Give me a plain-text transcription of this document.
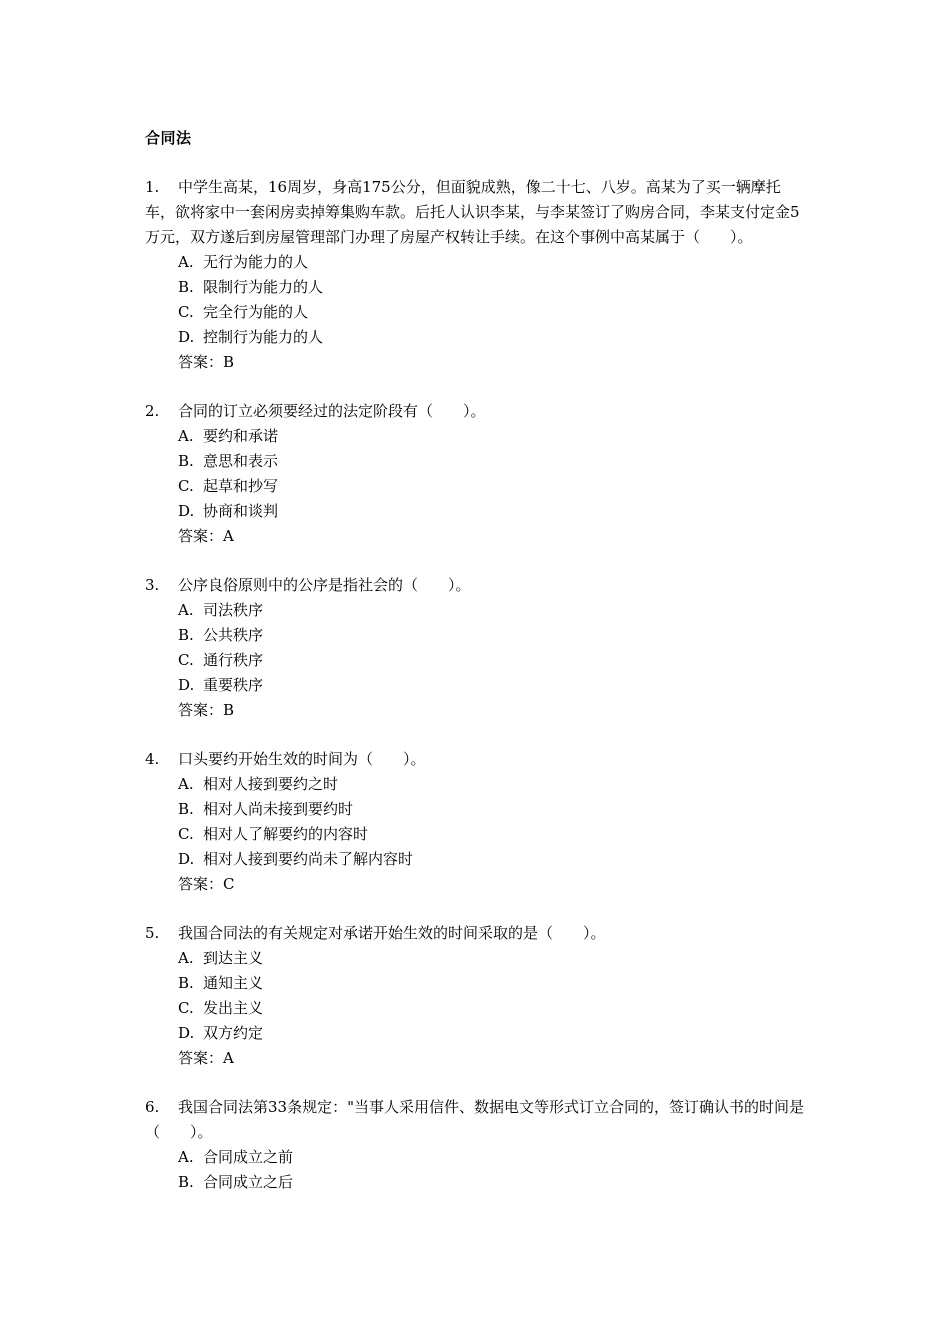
合同法
1. 中学生高某，16周岁，身高175公分，但面貌成熟，像二十七、八岁。高某为了买一辆摩托车，欲将家中一套闲房卖掉筹集购车款。后托人认识李某，与李某签订了购房合同，李某支付定金5万元，双方遂后到房屋管理部门办理了房屋产权转让手续。在这个事例中高某属于（　　）。
A. 无行为能力的人
B. 限制行为能力的人
C. 完全行为能的人
D. 控制行为能力的人
答案：B
2.	合同的订立必须要经过的法定阶段有（　　）。
A. 要约和承诺
B. 意思和表示
C. 起草和抄写
D. 协商和谈判
答案：A
3.	公序良俗原则中的公序是指社会的（　　）。
A. 司法秩序
B. 公共秩序
C. 通行秩序
D. 重要秩序
答案：B
4.	口头要约开始生效的时间为（　　）。
A. 相对人接到要约之时
B. 相对人尚未接到要约时
C. 相对人了解要约的内容时
D. 相对人接到要约尚未了解内容时
答案：C
5.	我国合同法的有关规定对承诺开始生效的时间采取的是（　　）。
A. 到达主义
B. 通知主义
C. 发出主义
D. 双方约定
答案：A
6. 我国合同法第33条规定："当事人采用信件、数据电文等形式订立合同的，签订确认书的时间是（　　）。
A. 合同成立之前
B. 合同成立之后
